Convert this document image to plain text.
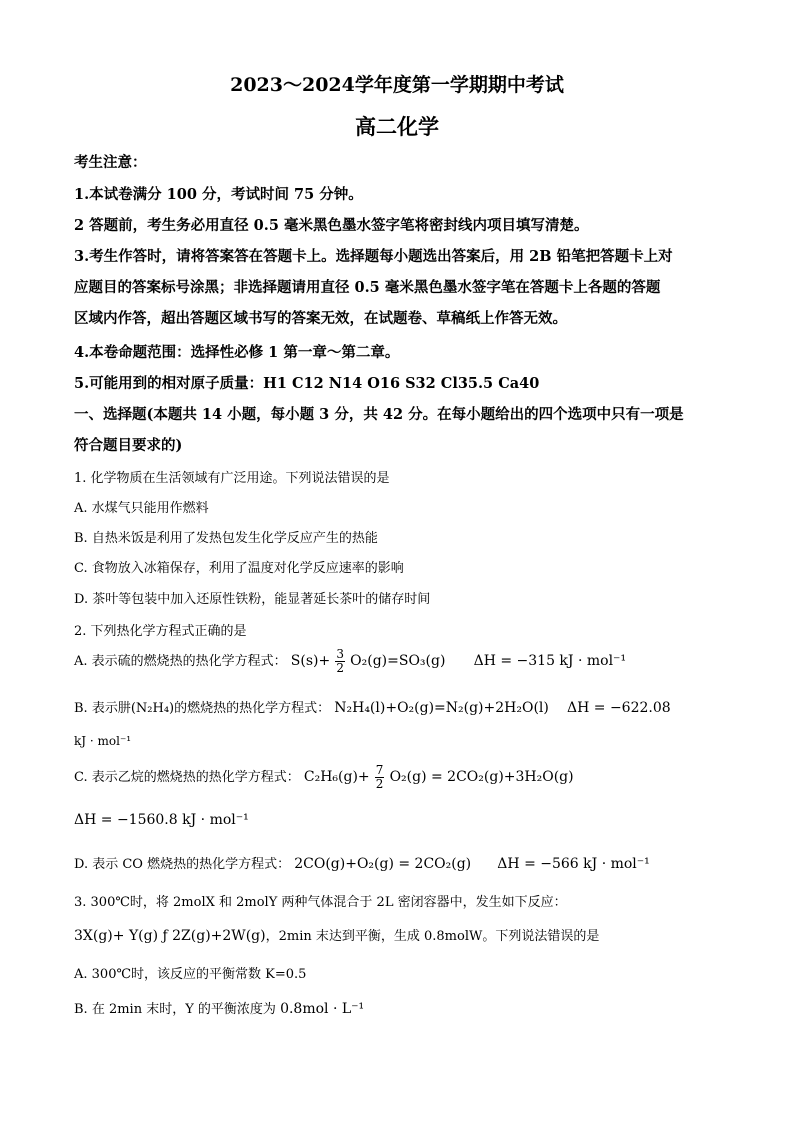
2023～2024学年度第一学期期中考试
高二化学
考生注意：
1.本试卷满分 100 分，考试时间 75 分钟。
2 答题前，考生务必用直径 0.5 毫米黑色墨水签字笔将密封线内项目填写清楚。
3.考生作答时，请将答案答在答题卡上。选择题每小题选出答案后，用 2B 铅笔把答题卡上对
应题目的答案标号涂黑；非选择题请用直径 0.5 毫米黑色墨水签字笔在答题卡上各题的答题
区域内作答，超出答题区域书写的答案无效，在试题卷、草稿纸上作答无效。
4.本卷命题范围：选择性必修 1 第一章～第二章。
5.可能用到的相对原子质量：H1 C12 N14 O16 S32 Cl35.5 Ca40
一、选择题(本题共 14 小题，每小题 3 分，共 42 分。在每小题给出的四个选项中只有一项是
符合题目要求的)
1. 化学物质在生活领域有广泛用途。下列说法错误的是
A. 水煤气只能用作燃料
B. 自热米饭是利用了发热包发生化学反应产生的热能
C. 食物放入冰箱保存，利用了温度对化学反应速率的影响
D. 茶叶等包装中加入还原性铁粉，能显著延长茶叶的储存时间
2. 下列热化学方程式正确的是
A. 表示硫的燃烧热的热化学方程式： $S(s)+ \frac{3}{2} O_2(g)=SO_3(g) \Delta H = -315$ kJ · mol⁻¹
B. 表示肼(N₂H₄)的燃烧热的热化学方程式： N₂H₄(l)+O₂(g)=N₂(g)+2H₂O(l) ΔH = −622.08
kJ · mol⁻¹
C. 表示乙烷的燃烧热的热化学方程式： $C_2H_6(g)+ \frac{7}{2} O_2(g) = 2CO_2(g)+3H_2O(g)$
ΔH = −1560.8 kJ · mol⁻¹
D. 表示 CO 燃烧热的热化学方程式： 2CO(g)+O₂(g) = 2CO₂(g) ΔH = −566 kJ · mol⁻¹
3. 300℃时，将 2molX 和 2molY 两种气体混合于 2L 密闭容器中，发生如下反应：
3X(g)+ Y(g) ƒ 2Z(g)+2W(g)，2min 末达到平衡，生成 0.8molW。下列说法错误的是
A. 300℃时，该反应的平衡常数 K=0.5
B. 在 2min 末时，Y 的平衡浓度为 0.8mol · L⁻¹
